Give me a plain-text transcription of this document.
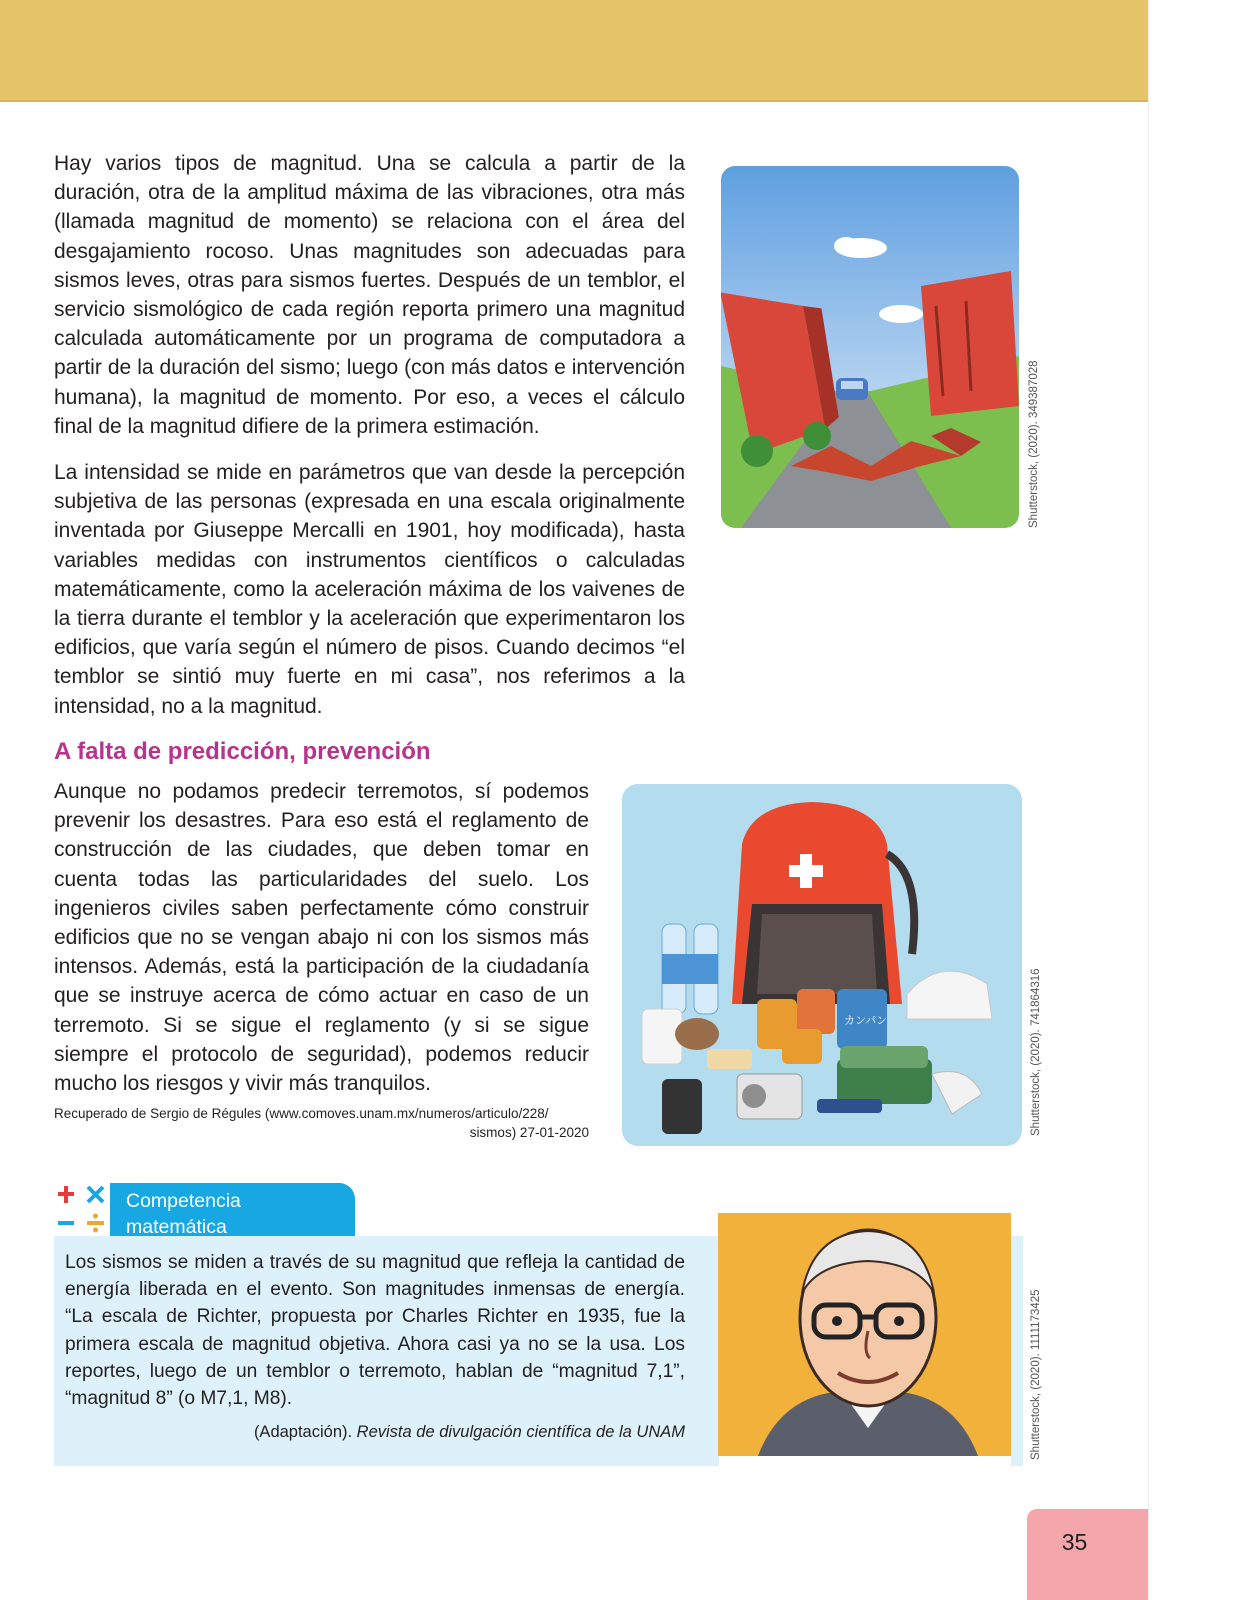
Hay varios tipos de magnitud. Una se calcula a partir de la duración, otra de la amplitud máxima de las vibraciones, otra más (llamada magnitud de momento) se relaciona con el área del desgajamiento rocoso. Unas magnitudes son adecuadas para sismos leves, otras para sismos fuertes. Después de un temblor, el servicio sismológico de cada región reporta primero una magnitud calculada automáticamente por un programa de computadora a partir de la duración del sismo; luego (con más datos e intervención humana), la magnitud de momento. Por eso, a veces el cálculo final de la magnitud difiere de la primera estimación.

La intensidad se mide en parámetros que van desde la percepción subjetiva de las personas (expresada en una escala originalmente inventada por Giuseppe Mercalli en 1901, hoy modificada), hasta variables medidas con instrumentos científicos o calculadas matemáticamente, como la aceleración máxima de los vaivenes de la tierra durante el temblor y la aceleración que experimentaron los edificios, que varía según el número de pisos. Cuando decimos “el temblor se sintió muy fuerte en mi casa”, nos referimos a la intensidad, no a la magnitud.

A falta de predicción, prevención

Aunque no podamos predecir terremotos, sí podemos prevenir los desastres. Para eso está el reglamento de construcción de las ciudades, que deben tomar en cuenta todas las particularidades del suelo. Los ingenieros civiles saben perfectamente cómo construir edificios que no se vengan abajo ni con los sismos más intensos. Además, está la participación de la ciudadanía que se instruye acerca de cómo actuar en caso de un terremoto. Si se sigue el reglamento (y si se sigue siempre el protocolo de seguridad), podemos reducir mucho los riesgos y vivir más tranquilos.

Recuperado de Sergio de Régules (www.comoves.unam.mx/numeros/articulo/228/
sismos) 27-01-2020
Shutterstock, (2020). 349387028
カンパン	Shutterstock, (2020). 741864316
Competencia
matemática

Los sismos se miden a través de su magnitud que refleja la cantidad de energía liberada en el evento. Son magnitudes inmensas de energía. “La escala de Richter, propuesta por Charles Richter en 1935, fue la primera escala de magnitud objetiva. Ahora casi ya no se la usa. Los reportes, luego de un temblor o terremoto, hablan de “magnitud 7,1”, “magnitud 8” (o M7,1, M8).

(Adaptación). Revista de divulgación científica de la UNAM	Shutterstock, (2020). 1111173425
35
